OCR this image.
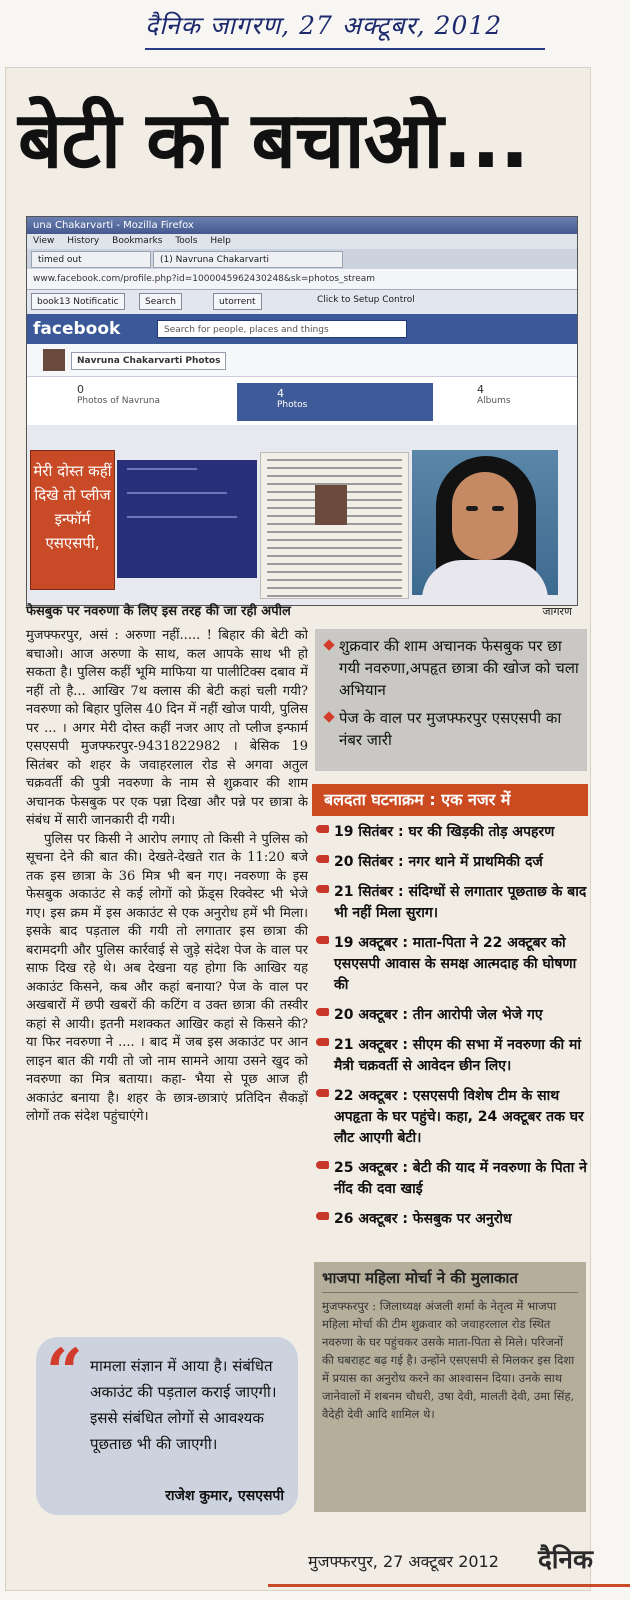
दैनिक जागरण, 27 अक्टूबर, 2012
बेटी को बचाओ...
una Chakarvarti - Mozilla Firefox
View History Bookmarks Tools Help
timed out	(1) Navruna Chakarvarti
www.facebook.com/profile.php?id=1000045962430248&sk=photos_stream
book13 Notificatic	Search	utorrent	Click to Setup Control
facebook	Search for people, places and things
Navruna Chakarvarti Photos
0
Photos of Navruna
4
Photos
4
Albums
मेरी दोस्त कहीं दिखे तो प्लीज इन्फॉर्म एसएसपी,
फेसबुक पर नवरुणा के लिए इस तरह की जा रही अपील	जागरण

मुजफ्फरपुर, असं : अरुणा नहीं..... ! बिहार की बेटी को बचाओ। आज अरुणा के साथ, कल आपके साथ भी हो सकता है। पुलिस कहीं भूमि माफिया या पालीटिक्स दबाव में नहीं तो है... आखिर 7थ क्लास की बेटी कहां चली गयी? नवरुणा को बिहार पुलिस 40 दिन में नहीं खोज पायी, पुलिस पर ... । अगर मेरी दोस्त कहीं नजर आए तो प्लीज इन्फार्म एसएसपी मुजफ्फरपुर-9431822982 । बेसिक 19 सितंबर को शहर के जवाहरलाल रोड से अगवा अतुल चक्रवर्ती की पुत्री नवरुणा के नाम से शुक्रवार की शाम अचानक फेसबुक पर एक पन्ना दिखा और पन्ने पर छात्रा के संबंध में सारी जानकारी दी गयी।

पुलिस पर किसी ने आरोप लगाए तो किसी ने पुलिस को सूचना देने की बात की। देखते-देखते रात के 11:20 बजे तक इस छात्रा के 36 मित्र भी बन गए। नवरुणा के इस फेसबुक अकाउंट से कई लोगों को फ्रेंड्स रिक्वेस्ट भी भेजे गए। इस क्रम में इस अकाउंट से एक अनुरोध हमें भी मिला। इसके बाद पड़ताल की गयी तो लगातार इस छात्रा की बरामदगी और पुलिस कार्रवाई से जुड़े संदेश पेज के वाल पर साफ दिख रहे थे। अब देखना यह होगा कि आखिर यह अकाउंट किसने, कब और कहां बनाया? पेज के वाल पर अखबारों में छपी खबरों की कटिंग व उक्त छात्रा की तस्वीर कहां से आयी। इतनी मशक्कत आखिर कहां से किसने की? या फिर नवरुणा ने .... । बाद में जब इस अकाउंट पर आन लाइन बात की गयी तो जो नाम सामने आया उसने खुद को नवरुणा का मित्र बताया। कहा- भैया से पूछ आज ही अकाउंट बनाया है। शहर के छात्र-छात्राएं प्रतिदिन सैकड़ों लोगों तक संदेश पहुंचाएंगे।

शुक्रवार की शाम अचानक फेसबुक पर छा गयी नवरुणा,अपहृत छात्रा की खोज को चला अभियान
पेज के वाल पर मुजफ्फरपुर एसएसपी का नंबर जारी
बलदता घटनाक्रम : एक नजर में
19 सितंबर : घर की खिड़की तोड़ अपहरण
20 सितंबर : नगर थाने में प्राथमिकी दर्ज
21 सितंबर : संदिग्धों से लगातार पूछताछ के बाद भी नहीं मिला सुराग।
19 अक्टूबर : माता-पिता ने 22 अक्टूबर को एसएसपी आवास के समक्ष आत्मदाह की घोषणा की
20 अक्टूबर : तीन आरोपी जेल भेजे गए
21 अक्टूबर : सीएम की सभा में नवरुणा की मां मैत्री चक्रवर्ती से आवेदन छीन लिए।
22 अक्टूबर : एसएसपी विशेष टीम के साथ अपहृता के घर पहुंचे। कहा, 24 अक्टूबर तक घर लौट आएगी बेटी।
25 अक्टूबर : बेटी की याद में नवरुणा के पिता ने नींद की दवा खाई
26 अक्टूबर : फेसबुक पर अनुरोध
भाजपा महिला मोर्चा ने की मुलाकात
मुजफ्फरपुर : जिलाध्यक्ष अंजली शर्मा के नेतृत्व में भाजपा महिला मोर्चा की टीम शुक्रवार को जवाहरलाल रोड स्थित नवरुणा के घर पहुंचकर उसके माता-पिता से मिले। परिजनों की घबराहट बढ़ गई है। उन्होंने एसएसपी से मिलकर इस दिशा में प्रयास का अनुरोध करने का आश्वासन दिया। उनके साथ जानेवालों में शबनम चौधरी, उषा देवी, मालती देवी, उमा सिंह, वैदेही देवी आदि शामिल थे।
“ मामला संज्ञान में आया है। संबंधित अकाउंट की पड़ताल कराई जाएगी। इससे संबंधित लोगों से आवश्यक पूछताछ भी की जाएगी।
राजेश कुमार, एसएसपी
मुजफ्फरपुर, 27 अक्टूबर 2012 दैनिक
